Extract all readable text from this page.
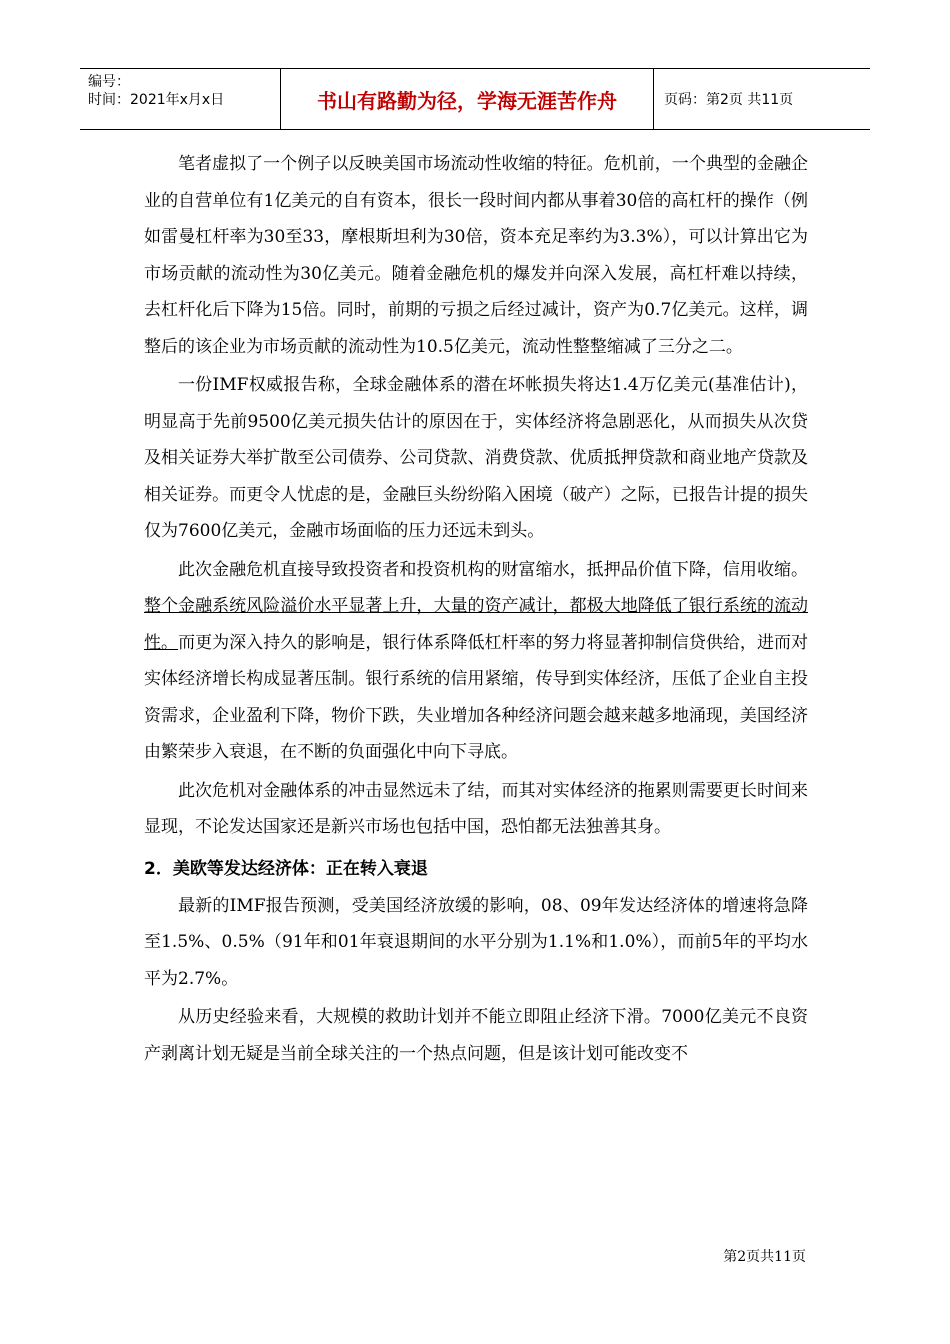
编号：
时间：2021年x月x日	书山有路勤为径，学海无涯苦作舟	页码：第2页 共11页

笔者虚拟了一个例子以反映美国市场流动性收缩的特征。危机前，一个典型的金融企业的自营单位有1亿美元的自有资本，很长一段时间内都从事着30倍的高杠杆的操作（例如雷曼杠杆率为30至33，摩根斯坦利为30倍，资本充足率约为3.3%），可以计算出它为市场贡献的流动性为30亿美元。随着金融危机的爆发并向深入发展，高杠杆难以持续，去杠杆化后下降为15倍。同时，前期的亏损之后经过减计，资产为0.7亿美元。这样，调整后的该企业为市场贡献的流动性为10.5亿美元，流动性整整缩减了三分之二。

一份IMF权威报告称，全球金融体系的潜在坏帐损失将达1.4万亿美元(基准估计)，明显高于先前9500亿美元损失估计的原因在于，实体经济将急剧恶化，从而损失从次贷及相关证券大举扩散至公司债券、公司贷款、消费贷款、优质抵押贷款和商业地产贷款及相关证券。而更令人忧虑的是，金融巨头纷纷陷入困境（破产）之际，已报告计提的损失仅为7600亿美元，金融市场面临的压力还远未到头。

此次金融危机直接导致投资者和投资机构的财富缩水，抵押品价值下降，信用收缩。整个金融系统风险溢价水平显著上升，大量的资产减计，都极大地降低了银行系统的流动性。而更为深入持久的影响是，银行体系降低杠杆率的努力将显著抑制信贷供给，进而对实体经济增长构成显著压制。银行系统的信用紧缩，传导到实体经济，压低了企业自主投资需求，企业盈利下降，物价下跌，失业增加各种经济问题会越来越多地涌现，美国经济由繁荣步入衰退，在不断的负面强化中向下寻底。

此次危机对金融体系的冲击显然远未了结，而其对实体经济的拖累则需要更长时间来显现，不论发达国家还是新兴市场也包括中国，恐怕都无法独善其身。

2．美欧等发达经济体：正在转入衰退

最新的IMF报告预测，受美国经济放缓的影响，08、09年发达经济体的增速将急降至1.5%、0.5%（91年和01年衰退期间的水平分别为1.1%和1.0%），而前5年的平均水平为2.7%。

从历史经验来看，大规模的救助计划并不能立即阻止经济下滑。7000亿美元不良资产剥离计划无疑是当前全球关注的一个热点问题，但是该计划可能改变不

第2页共11页
